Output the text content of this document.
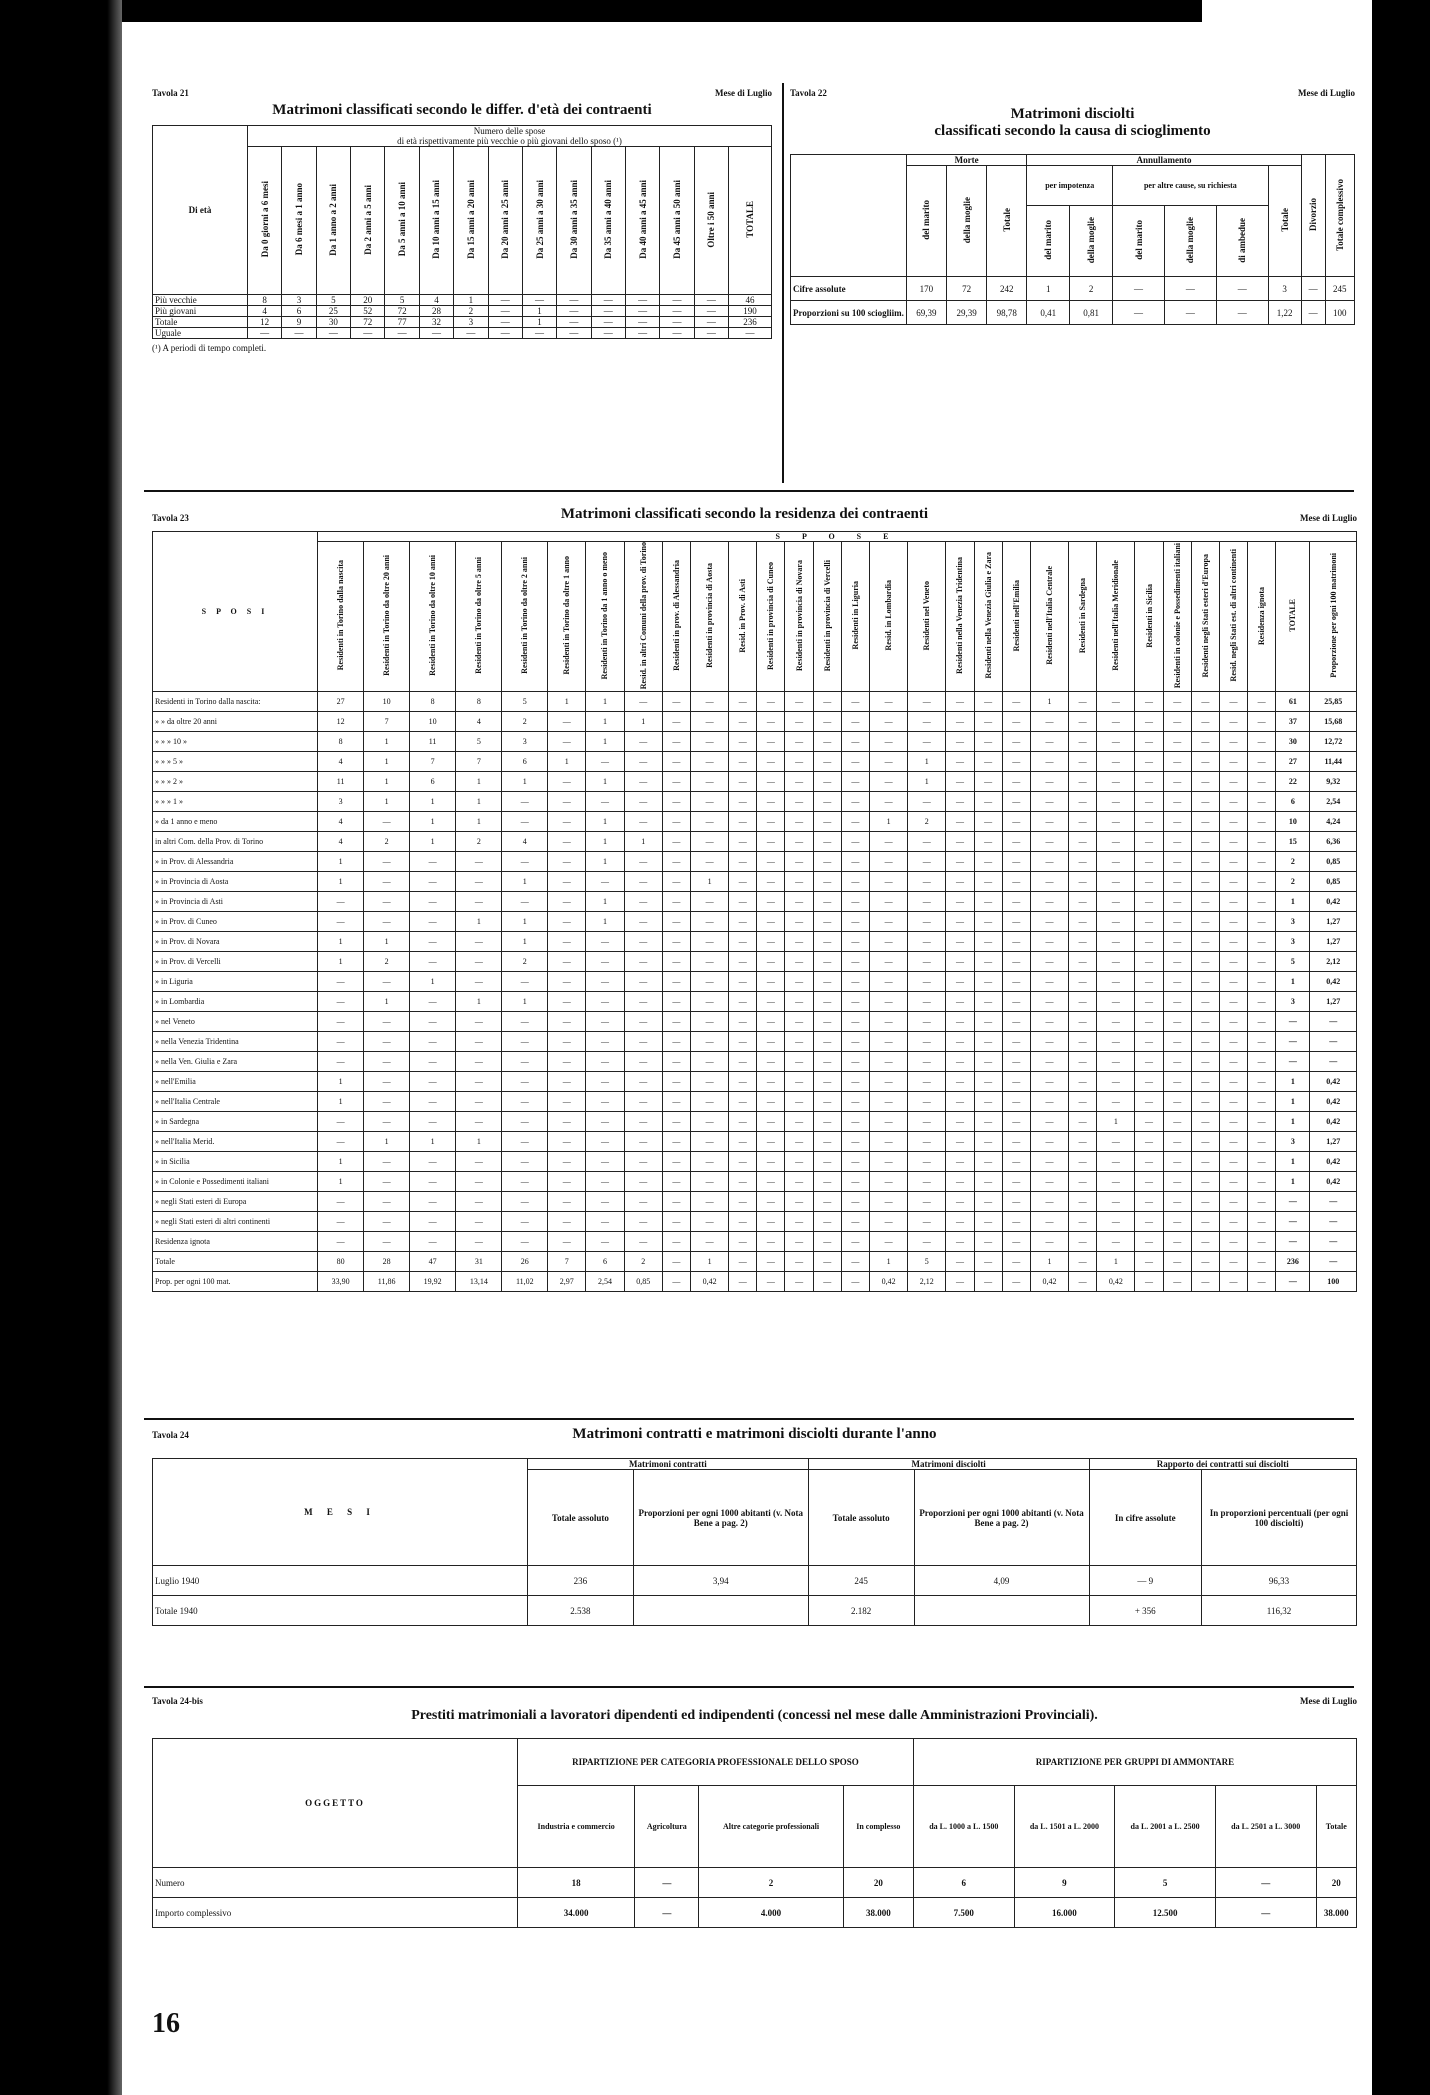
Tavola 21	Mese di Luglio
Matrimoni classificati secondo le differ. d'età dei contraenti
Di età	Numero delle spose
di età rispettivamente più vecchie o più giovani dello sposo (¹)														

	Da 0 giorni a 6 mesi	Da 6 mesi a 1 anno	Da 1 anno a 2 anni	Da 2 anni a 5 anni	Da 5 anni a 10 anni	Da 10 anni a 15 anni	Da 15 anni a 20 anni	Da 20 anni a 25 anni	Da 25 anni a 30 anni	Da 30 anni a 35 anni	Da 35 anni a 40 anni	Da 40 anni a 45 anni	Da 45 anni a 50 anni	Oltre i 50 anni	TOTALE
Più vecchie	8	3	5	20	5	4	1	—	—	—	—	—	—	—	46
Più giovani	4	6	25	52	72	28	2	—	1	—	—	—	—	—	190
Totale	12	9	30	72	77	32	3	—	1	—	—	—	—	—	236
Uguale	—	—	—	—	—	—	—	—	—	—	—	—	—	—	—
(¹) A periodi di tempo completi.
Tavola 22	Mese di Luglio
Matrimoni disciolti
classificati secondo la causa di scioglimento
	Morte			Annullamento						Divorzio	Totale complessivo
	del marito	della moglie	Totale	per impotenza		per altre cause, su richiesta			Totale		
				del marito	della moglie	del marito	della moglie	di ambedue			
Cifre assolute	170	72	242	1	2	—	—	—	3	—	245
Proporzioni su 100 sciogliim.	69,39	29,39	98,78	0,41	0,81	—	—	—	1,22	—	100
Tavola 23	Matrimoni classificati secondo la residenza dei contraenti	Mese di Luglio
S P O S I	S P O S E																													
	Residenti in Torino dalla nascita	Residenti in Torino da oltre 20 anni	Residenti in Torino da oltre 10 anni	Residenti in Torino da oltre 5 anni	Residenti in Torino da oltre 2 anni	Residenti in Torino da oltre 1 anno	Residenti in Torino da 1 anno o meno	Resid. in altri Comuni della prov. di Torino	Residenti in prov. di Alessandria	Residenti in provincia di Aosta	Resid. in Prov. di Asti	Residenti in provincia di Cuneo	Residenti in provincia di Novara	Residenti in provincia di Vercelli	Residenti in Liguria	Resid. in Lombardia	Residenti nel Veneto	Residenti nella Venezia Tridentina	Residenti nella Venezia Giulia e Zara	Residenti nell'Emilia	Residenti nell'Italia Centrale	Residenti in Sardegna	Residenti nell'Italia Meridionale	Residenti in Sicilia	Residenti in colonie e Possedimenti italiani	Residenti negli Stati esteri d'Europa	Resid. negli Stati est. di altri continenti	Residenza ignota	TOTALE	Proporzione per ogni 100 matrimoni
Residenti in Torino dalla nascita:	27	10	8	8	5	1	1	—	—	—	—	—	—	—	—	—	—	—	—	—	1	—	—	—	—	—	—	—	61	25,85
» » da oltre 20 anni	12	7	10	4	2	—	1	1	—	—	—	—	—	—	—	—	—	—	—	—	—	—	—	—	—	—	—	—	37	15,68
» » » 10 »	8	1	11	5	3	—	1	—	—	—	—	—	—	—	—	—	—	—	—	—	—	—	—	—	—	—	—	—	30	12,72
» » » 5 »	4	1	7	7	6	1	—	—	—	—	—	—	—	—	—	—	1	—	—	—	—	—	—	—	—	—	—	—	27	11,44
» » » 2 »	11	1	6	1	1	—	1	—	—	—	—	—	—	—	—	—	1	—	—	—	—	—	—	—	—	—	—	—	22	9,32
» » » 1 »	3	1	1	1	—	—	—	—	—	—	—	—	—	—	—	—	—	—	—	—	—	—	—	—	—	—	—	—	6	2,54
» da 1 anno e meno	4	—	1	1	—	—	1	—	—	—	—	—	—	—	—	1	2	—	—	—	—	—	—	—	—	—	—	—	10	4,24
in altri Com. della Prov. di Torino	4	2	1	2	4	—	1	1	—	—	—	—	—	—	—	—	—	—	—	—	—	—	—	—	—	—	—	—	15	6,36
» in Prov. di Alessandria	1	—	—	—	—	—	1	—	—	—	—	—	—	—	—	—	—	—	—	—	—	—	—	—	—	—	—	—	2	0,85
» in Provincia di Aosta	1	—	—	—	1	—	—	—	—	1	—	—	—	—	—	—	—	—	—	—	—	—	—	—	—	—	—	—	2	0,85
» in Provincia di Asti	—	—	—	—	—	—	1	—	—	—	—	—	—	—	—	—	—	—	—	—	—	—	—	—	—	—	—	—	1	0,42
» in Prov. di Cuneo	—	—	—	1	1	—	1	—	—	—	—	—	—	—	—	—	—	—	—	—	—	—	—	—	—	—	—	—	3	1,27
» in Prov. di Novara	1	1	—	—	1	—	—	—	—	—	—	—	—	—	—	—	—	—	—	—	—	—	—	—	—	—	—	—	3	1,27
» in Prov. di Vercelli	1	2	—	—	2	—	—	—	—	—	—	—	—	—	—	—	—	—	—	—	—	—	—	—	—	—	—	—	5	2,12
» in Liguria	—	—	1	—	—	—	—	—	—	—	—	—	—	—	—	—	—	—	—	—	—	—	—	—	—	—	—	—	1	0,42
» in Lombardia	—	1	—	1	1	—	—	—	—	—	—	—	—	—	—	—	—	—	—	—	—	—	—	—	—	—	—	—	3	1,27
» nel Veneto	—	—	—	—	—	—	—	—	—	—	—	—	—	—	—	—	—	—	—	—	—	—	—	—	—	—	—	—	—	—
» nella Venezia Tridentina	—	—	—	—	—	—	—	—	—	—	—	—	—	—	—	—	—	—	—	—	—	—	—	—	—	—	—	—	—	—
» nella Ven. Giulia e Zara	—	—	—	—	—	—	—	—	—	—	—	—	—	—	—	—	—	—	—	—	—	—	—	—	—	—	—	—	—	—
» nell'Emilia	1	—	—	—	—	—	—	—	—	—	—	—	—	—	—	—	—	—	—	—	—	—	—	—	—	—	—	—	1	0,42
» nell'Italia Centrale	1	—	—	—	—	—	—	—	—	—	—	—	—	—	—	—	—	—	—	—	—	—	—	—	—	—	—	—	1	0,42
» in Sardegna	—	—	—	—	—	—	—	—	—	—	—	—	—	—	—	—	—	—	—	—	—	—	1	—	—	—	—	—	1	0,42
» nell'Italia Merid.	—	1	1	1	—	—	—	—	—	—	—	—	—	—	—	—	—	—	—	—	—	—	—	—	—	—	—	—	3	1,27
» in Sicilia	1	—	—	—	—	—	—	—	—	—	—	—	—	—	—	—	—	—	—	—	—	—	—	—	—	—	—	—	1	0,42
» in Colonie e Possedimenti italiani	1	—	—	—	—	—	—	—	—	—	—	—	—	—	—	—	—	—	—	—	—	—	—	—	—	—	—	—	1	0,42
» negli Stati esteri di Europa	—	—	—	—	—	—	—	—	—	—	—	—	—	—	—	—	—	—	—	—	—	—	—	—	—	—	—	—	—	—
» negli Stati esteri di altri continenti	—	—	—	—	—	—	—	—	—	—	—	—	—	—	—	—	—	—	—	—	—	—	—	—	—	—	—	—	—	—
Residenza ignota	—	—	—	—	—	—	—	—	—	—	—	—	—	—	—	—	—	—	—	—	—	—	—	—	—	—	—	—	—	—
Totale	80	28	47	31	26	7	6	2	—	1	—	—	—	—	—	1	5	—	—	—	1	—	1	—	—	—	—	—	236	—
Prop. per ogni 100 mat.	33,90	11,86	19,92	13,14	11,02	2,97	2,54	0,85	—	0,42	—	—	—	—	—	0,42	2,12	—	—	—	0,42	—	0,42	—	—	—	—	—	—	100
Tavola 24	Matrimoni contratti e matrimoni disciolti durante l'anno
M E S I	Matrimoni contratti		Matrimoni disciolti		Rapporto dei contratti sui disciolti	
	Totale assoluto	Proporzioni per ogni 1000 abitanti (v. Nota Bene a pag. 2)	Totale assoluto	Proporzioni per ogni 1000 abitanti (v. Nota Bene a pag. 2)	In cifre assolute	In proporzioni percentuali (per ogni 100 disciolti)
Luglio 1940	236	3,94	245	4,09	— 9	96,33
Totale 1940	2.538		2.182		+ 356	116,32
Tavola 24-bis	Mese di Luglio
Prestiti matrimoniali a lavoratori dipendenti ed indipendenti (concessi nel mese dalle Amministrazioni Provinciali).
OGGETTO	RIPARTIZIONE PER CATEGORIA PROFESSIONALE DELLO SPOSO				RIPARTIZIONE PER GRUPPI DI AMMONTARE				
	Industria e commercio	Agricoltura	Altre categorie professionali	In complesso	da L. 1000 a L. 1500	da L. 1501 a L. 2000	da L. 2001 a L. 2500	da L. 2501 a L. 3000	Totale
Numero	18	—	2	20	6	9	5	—	20
Importo complessivo	34.000	—	4.000	38.000	7.500	16.000	12.500	—	38.000
16
